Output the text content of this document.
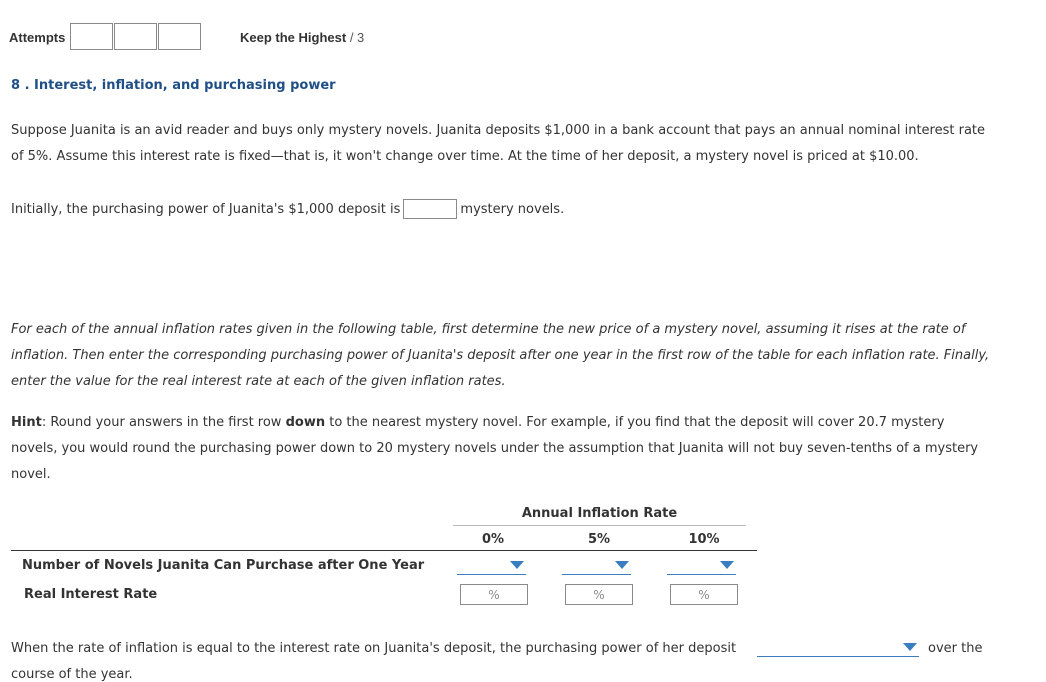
Attempts	Keep the Highest / 3
8 . Interest, inflation, and purchasing power
Suppose Juanita is an avid reader and buys only mystery novels. Juanita deposits $1,000 in a bank account that pays an annual nominal interest rate
of 5%. Assume this interest rate is fixed—that is, it won't change over time. At the time of her deposit, a mystery novel is priced at $10.00.
Initially, the purchasing power of Juanita's $1,000 deposit is	mystery novels.
For each of the annual inflation rates given in the following table, first determine the new price of a mystery novel, assuming it rises at the rate of
inflation. Then enter the corresponding purchasing power of Juanita's deposit after one year in the first row of the table for each inflation rate. Finally,
enter the value for the real interest rate at each of the given inflation rates.
Hint: Round your answers in the first row down to the nearest mystery novel. For example, if you find that the deposit will cover 20.7 mystery
novels, you would round the purchasing power down to 20 mystery novels under the assumption that Juanita will not buy seven-tenths of a mystery
novel.
Annual Inflation Rate
0%	5%	10%
Number of Novels Juanita Can Purchase after One Year
Real Interest Rate	%	%	%
When the rate of inflation is equal to the interest rate on Juanita's deposit, the purchasing power of her deposit	over the
course of the year.
